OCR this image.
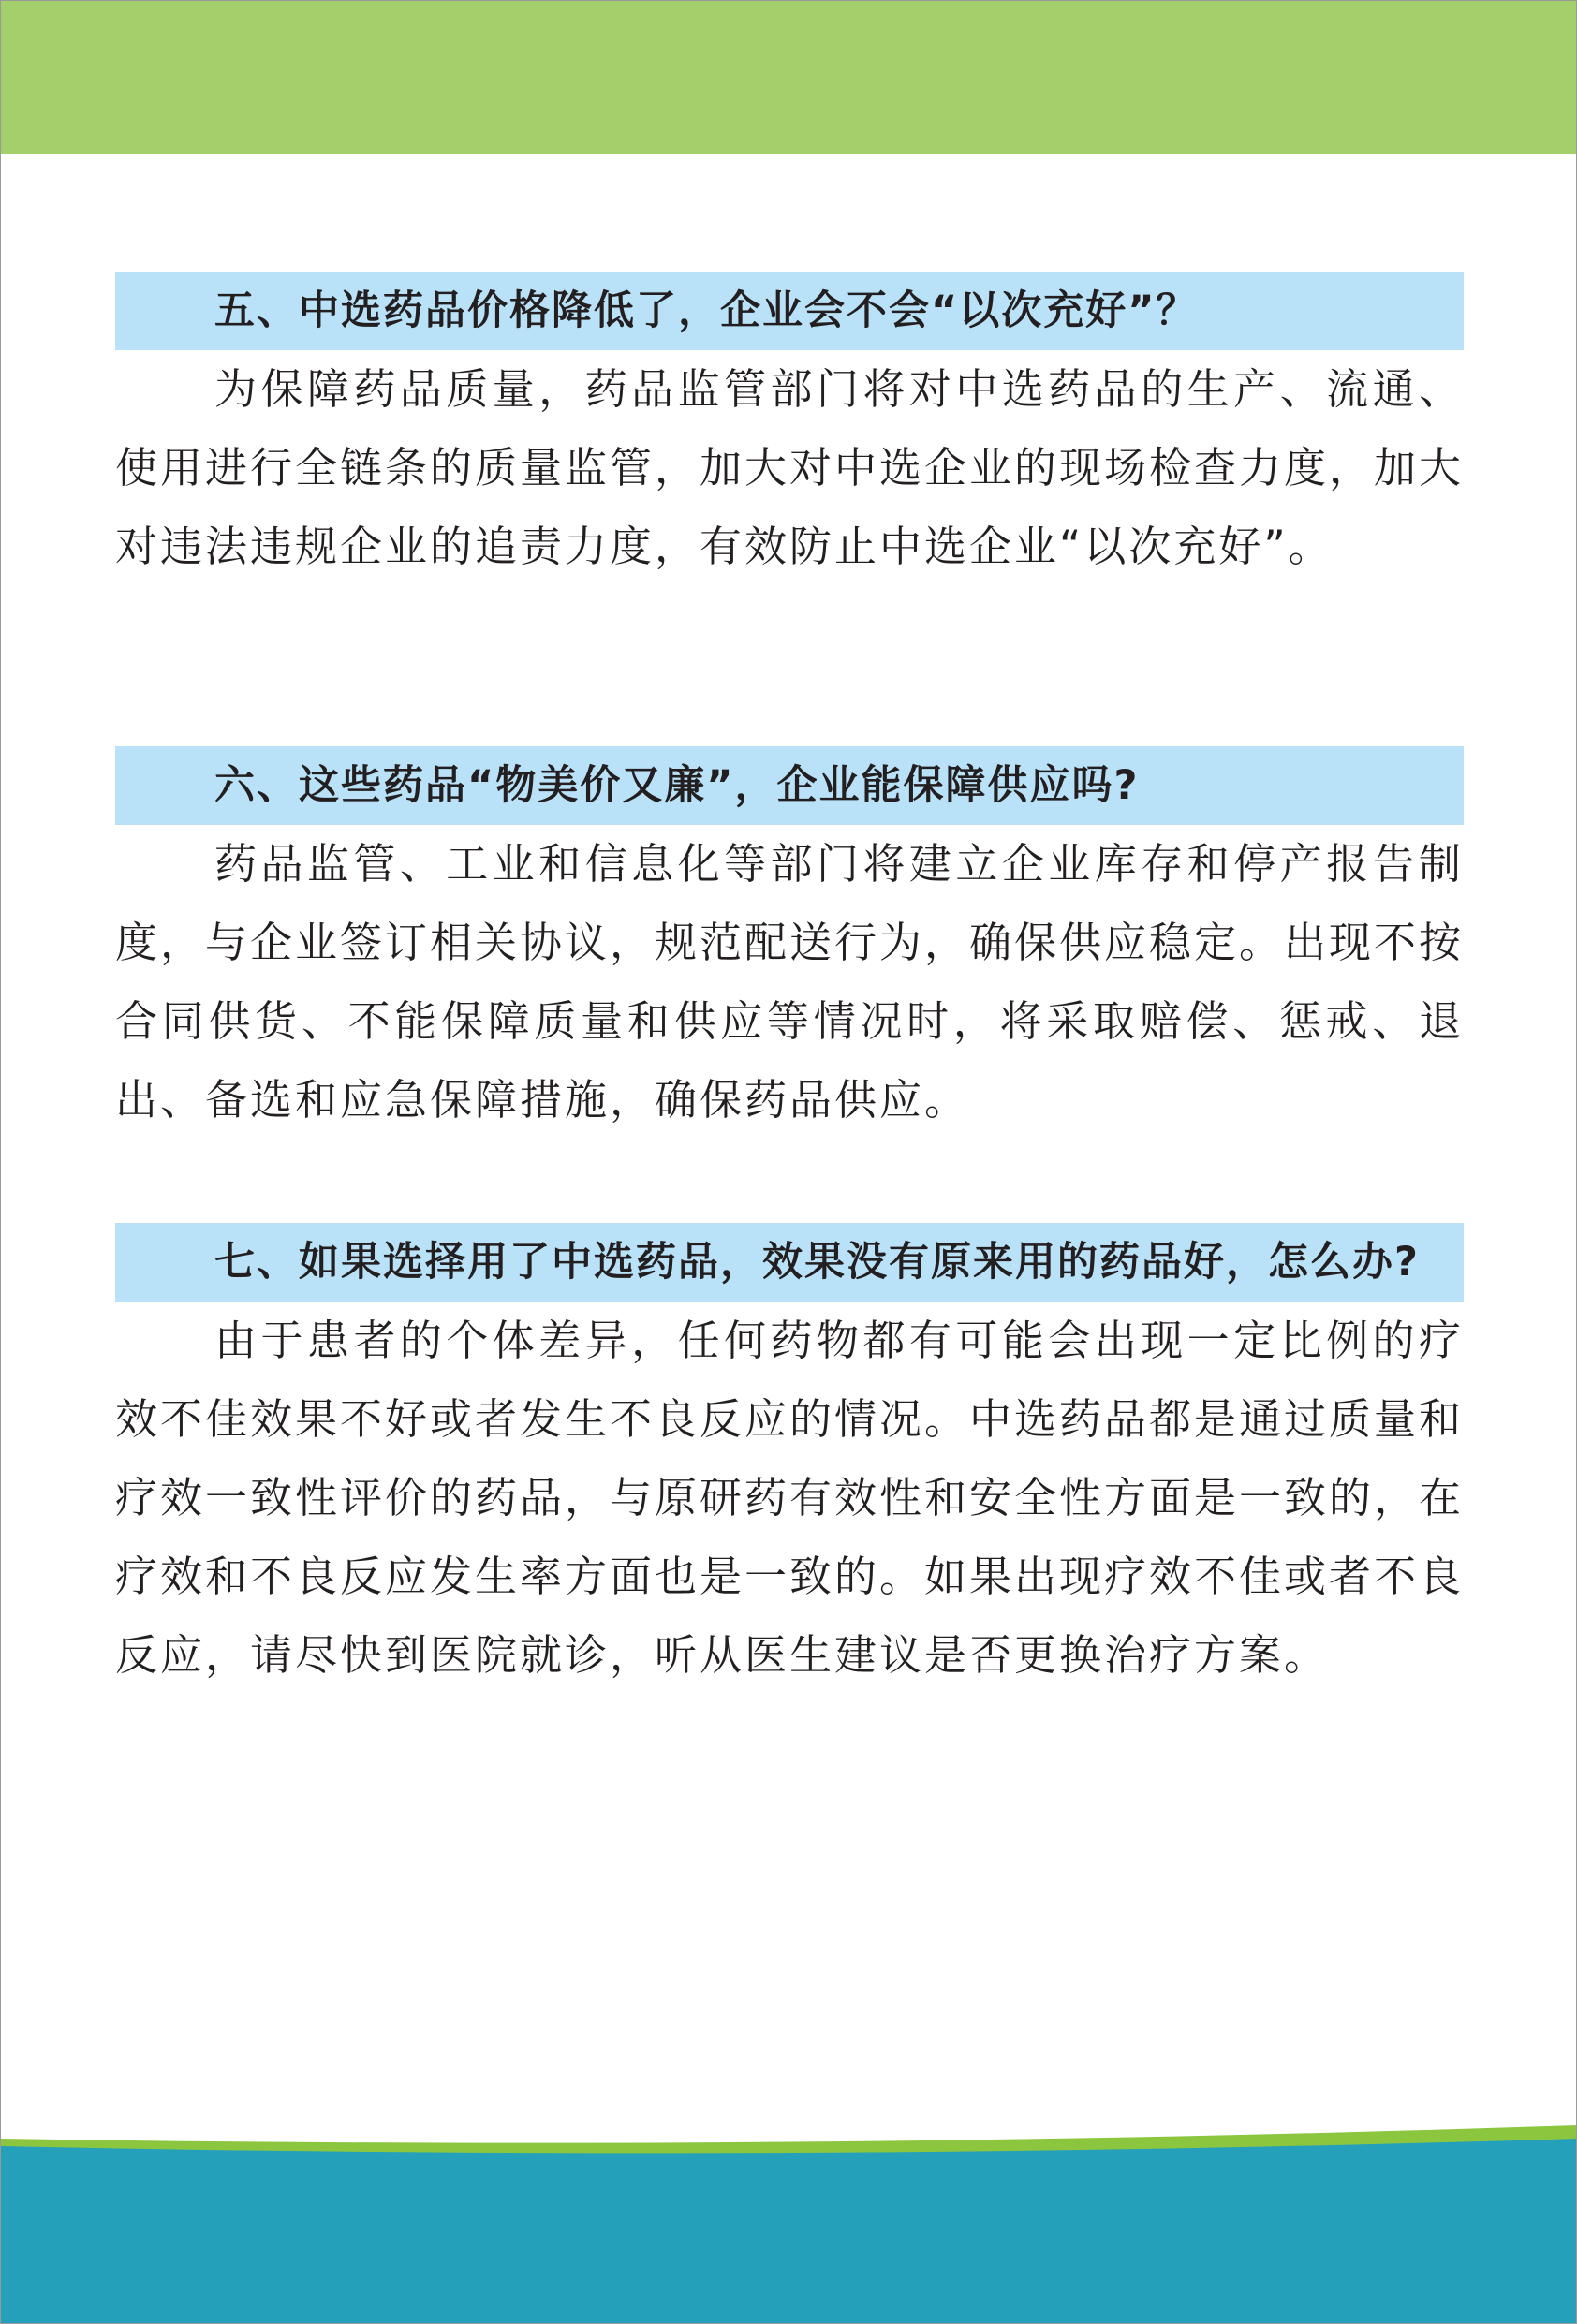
五、中选药品价格降低了，企业会不会“以次充好”？
为保障药品质量，药品监管部门将对中选药品的生产、流通、使用进行全链条的质量监管，加大对中选企业的现场检查力度，加大对违法违规企业的追责力度，有效防止中选企业“以次充好”。
六、这些药品“物美价又廉”，企业能保障供应吗?
药品监管、工业和信息化等部门将建立企业库存和停产报告制度，与企业签订相关协议，规范配送行为，确保供应稳定。出现不按合同供货、不能保障质量和供应等情况时，将采取赔偿、惩戒、退出、备选和应急保障措施，确保药品供应。
七、如果选择用了中选药品，效果没有原来用的药品好，怎么办?
由于患者的个体差异，任何药物都有可能会出现一定比例的疗效不佳效果不好或者发生不良反应的情况。中选药品都是通过质量和疗效一致性评价的药品，与原研药有效性和安全性方面是一致的，在疗效和不良反应发生率方面也是一致的。如果出现疗效不佳或者不良反应，请尽快到医院就诊，听从医生建议是否更换治疗方案。
